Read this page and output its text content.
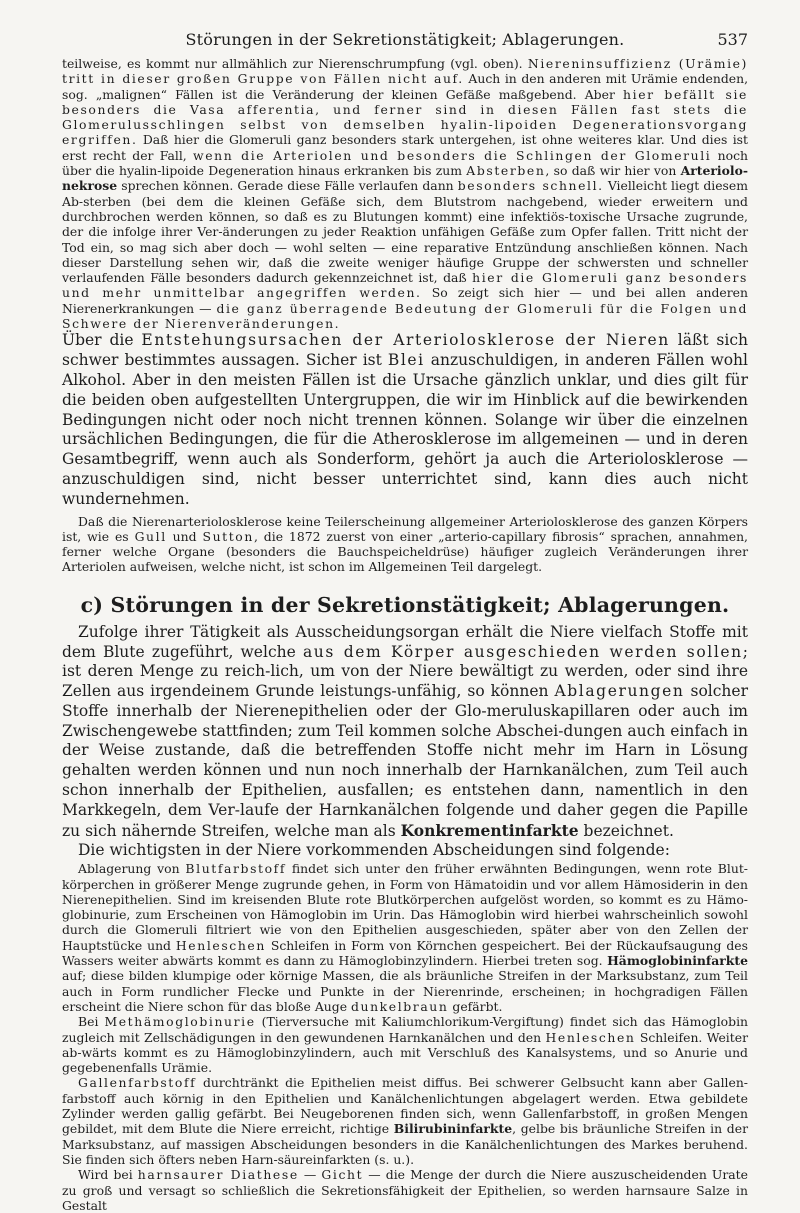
Störungen in der Sekretionstätigkeit; Ablagerungen.	537

teilweise, es kommt nur allmählich zur Nierenschrumpfung (vgl. oben). Niereninsuffizienz (Urämie) tritt in dieser großen Gruppe von Fällen nicht auf. Auch in den anderen mit Urämie endenden, sog. „malignen“ Fällen ist die Veränderung der kleinen Gefäße maßgebend. Aber hier befällt sie besonders die Vasa afferentia, und ferner sind in diesen Fällen fast stets die Glomerulusschlingen selbst von demselben hyalin-lipoiden Degenerationsvorgang ergriffen. Daß hier die Glomeruli ganz besonders stark untergehen, ist ohne weiteres klar. Und dies ist erst recht der Fall, wenn die Arteriolen und besonders die Schlingen der Glomeruli noch über die hyalin-lipoide Degeneration hinaus erkranken bis zum Absterben, so daß wir hier von Arteriolo-nekrose sprechen können. Gerade diese Fälle verlaufen dann besonders schnell. Vielleicht liegt diesem Ab-sterben (bei dem die kleinen Gefäße sich, dem Blutstrom nachgebend, wieder erweitern und durchbrochen werden können, so daß es zu Blutungen kommt) eine infektiös-toxische Ursache zugrunde, der die infolge ihrer Ver-änderungen zu jeder Reaktion unfähigen Gefäße zum Opfer fallen. Tritt nicht der Tod ein, so mag sich aber doch — wohl selten — eine reparative Entzündung anschließen können. Nach dieser Darstellung sehen wir, daß die zweite weniger häufige Gruppe der schwersten und schneller verlaufenden Fälle besonders dadurch gekennzeichnet ist, daß hier die Glomeruli ganz besonders und mehr unmittelbar angegriffen werden. So zeigt sich hier — und bei allen anderen Nierenerkrankungen — die ganz überragende Bedeutung der Glomeruli für die Folgen und Schwere der Nierenveränderungen.

Über die Entstehungsursachen der Arteriolosklerose der Nieren läßt sich schwer bestimmtes aussagen. Sicher ist Blei anzuschuldigen, in anderen Fällen wohl Alkohol. Aber in den meisten Fällen ist die Ursache gänzlich unklar, und dies gilt für die beiden oben aufgestellten Untergruppen, die wir im Hinblick auf die bewirkenden Bedingungen nicht oder noch nicht trennen können. Solange wir über die einzelnen ursächlichen Bedingungen, die für die Atherosklerose im allgemeinen — und in deren Gesamtbegriff, wenn auch als Sonderform, gehört ja auch die Arteriolosklerose — anzuschuldigen sind, nicht besser unterrichtet sind, kann dies auch nicht wundernehmen.

Daß die Nierenarteriolosklerose keine Teilerscheinung allgemeiner Arteriolosklerose des ganzen Körpers ist, wie es Gull und Sutton, die 1872 zuerst von einer „arterio-capillary fibrosis“ sprachen, annahmen, ferner welche Organe (besonders die Bauchspeicheldrüse) häufiger zugleich Veränderungen ihrer Arteriolen aufweisen, welche nicht, ist schon im Allgemeinen Teil dargelegt.

c) Störungen in der Sekretionstätigkeit; Ablagerungen.

Zufolge ihrer Tätigkeit als Ausscheidungsorgan erhält die Niere vielfach Stoffe mit dem Blute zugeführt, welche aus dem Körper ausgeschieden werden sollen; ist deren Menge zu reich-lich, um von der Niere bewältigt zu werden, oder sind ihre Zellen aus irgendeinem Grunde leistungs-unfähig, so können Ablagerungen solcher Stoffe innerhalb der Nierenepithelien oder der Glo-meruluskapillaren oder auch im Zwischengewebe stattfinden; zum Teil kommen solche Abschei-dungen auch einfach in der Weise zustande, daß die betreffenden Stoffe nicht mehr im Harn in Lösung gehalten werden können und nun noch innerhalb der Harnkanälchen, zum Teil auch schon innerhalb der Epithelien, ausfallen; es entstehen dann, namentlich in den Markkegeln, dem Ver-laufe der Harnkanälchen folgende und daher gegen die Papille zu sich nähernde Streifen, welche man als Konkrementinfarkte bezeichnet.

Die wichtigsten in der Niere vorkommenden Abscheidungen sind folgende:

Ablagerung von Blutfarbstoff findet sich unter den früher erwähnten Bedingungen, wenn rote Blut-körperchen in größerer Menge zugrunde gehen, in Form von Hämatoidin und vor allem Hämosiderin in den Nierenepithelien. Sind im kreisenden Blute rote Blutkörperchen aufgelöst worden, so kommt es zu Hämo-globinurie, zum Erscheinen von Hämoglobin im Urin. Das Hämoglobin wird hierbei wahrscheinlich sowohl durch die Glomeruli filtriert wie von den Epithelien ausgeschieden, später aber von den Zellen der Hauptstücke und Henleschen Schleifen in Form von Körnchen gespeichert. Bei der Rückaufsaugung des Wassers weiter abwärts kommt es dann zu Hämoglobinzylindern. Hierbei treten sog. Hämoglobininfarkte auf; diese bilden klumpige oder körnige Massen, die als bräunliche Streifen in der Marksubstanz, zum Teil auch in Form rundlicher Flecke und Punkte in der Nierenrinde, erscheinen; in hochgradigen Fällen erscheint die Niere schon für das bloße Auge dunkelbraun gefärbt.

Bei Methämoglobinurie (Tierversuche mit Kaliumchlorikum-Vergiftung) findet sich das Hämoglobin zugleich mit Zellschädigungen in den gewundenen Harnkanälchen und den Henleschen Schleifen. Weiter ab-wärts kommt es zu Hämoglobinzylindern, auch mit Verschluß des Kanalsystems, und so Anurie und gegebenenfalls Urämie.

Gallenfarbstoff durchtränkt die Epithelien meist diffus. Bei schwerer Gelbsucht kann aber Gallen-farbstoff auch körnig in den Epithelien und Kanälchenlichtungen abgelagert werden. Etwa gebildete Zylinder werden gallig gefärbt. Bei Neugeborenen finden sich, wenn Gallenfarbstoff, in großen Mengen gebildet, mit dem Blute die Niere erreicht, richtige Bilirubininfarkte, gelbe bis bräunliche Streifen in der Marksubstanz, auf massigen Abscheidungen besonders in die Kanälchenlichtungen des Markes beruhend. Sie finden sich öfters neben Harn-säureinfarkten (s. u.).

Wird bei harnsaurer Diathese — Gicht — die Menge der durch die Niere auszuscheidenden Urate zu groß und versagt so schließlich die Sekretionsfähigkeit der Epithelien, so werden harnsaure Salze in Gestalt
